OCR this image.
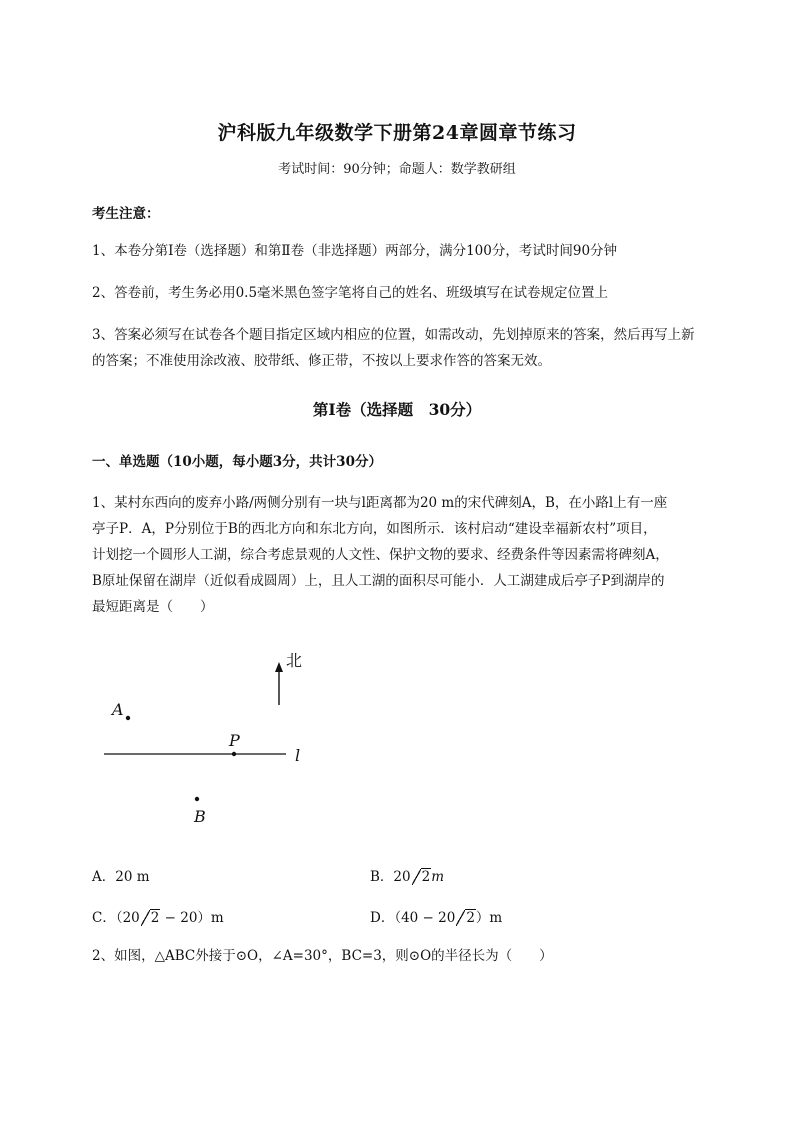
沪科版九年级数学下册第24章圆章节练习
考试时间：90分钟；命题人：数学教研组
考生注意：
1、本卷分第I卷（选择题）和第Ⅱ卷（非选择题）两部分，满分100分，考试时间90分钟
2、答卷前，考生务必用0.5毫米黑色签字笔将自己的姓名、班级填写在试卷规定位置上
3、答案必须写在试卷各个题目指定区域内相应的位置，如需改动，先划掉原来的答案，然后再写上新
的答案；不准使用涂改液、胶带纸、修正带，不按以上要求作答的答案无效。
第I卷（选择题　30分）
一、单选题（10小题，每小题3分，共计30分）
1、某村东西向的废弃小路/两侧分别有一块与l距离都为20 m的宋代碑刻A，B，在小路l上有一座
亭子P．A，P分别位于B的西北方向和东北方向，如图所示．该村启动“建设幸福新农村”项目，
计划挖一个圆形人工湖，综合考虑景观的人文性、保护文物的要求、经费条件等因素需将碑刻A，
B原址保留在湖岸（近似看成圆周）上，且人工湖的面积尽可能小．人工湖建成后亭子P到湖岸的
最短距离是（　　）
北
A
P
B
l
A．20 m	B．20 2m
C．（20 2 − 20）m	D．（40 − 20 2）m
2、如图，△ABC外接于⊙O，∠A=30°，BC=3，则⊙O的半径长为（　　）
